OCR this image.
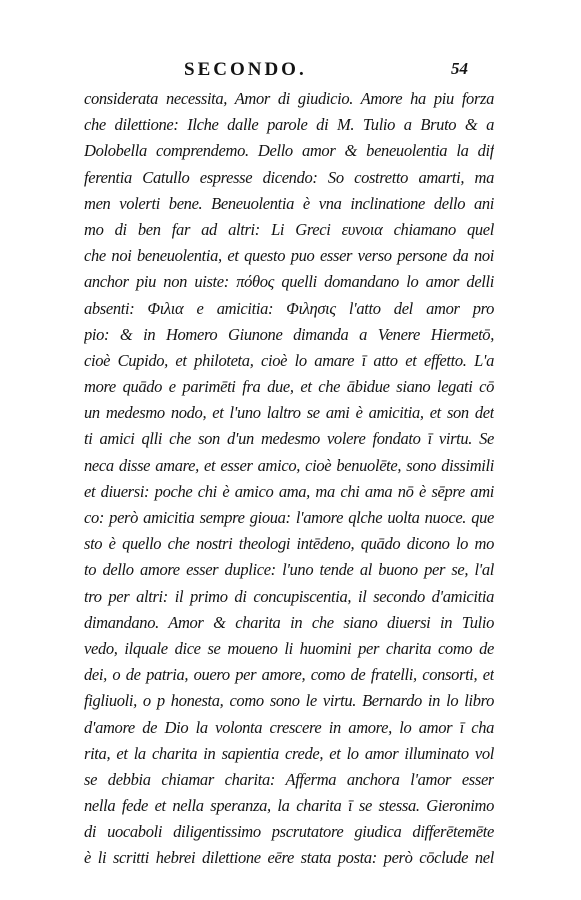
SECONDO.	54
considerata necessita, Amor di giudicio. Amore ha piu forza
che dilettione: Ilche dalle parole di M. Tulio a Bruto & a
Dolobella comprendemo. Dello amor & beneuolentia la dif
ferentia Catullo espresse dicendo: So costretto amarti, ma
men volerti bene. Beneuolentia è vna inclinatione dello ani
mo di ben far ad altri: Li Greci ευνοια chiamano quel
che noi beneuolentia, et questo puo esser verso persone da noi
anchor piu non uiste: πόθος quelli domandano lo amor delli
absenti: Φιλια e amicitia: Φιλησις l'atto del amor pro
pio: & in Homero Giunone dimanda a Venere Hiermetō,
cioè Cupido, et philoteta, cioè lo amare ī atto et effetto. L'a
more quādo e parimēti fra due, et che ābidue siano legati cō
un medesmo nodo, et l'uno laltro se ami è amicitia, et son det
ti amici qlli che son d'un medesmo volere fondato ī virtu. Se
neca disse amare, et esser amico, cioè benuolēte, sono dissimili
et diuersi: poche chi è amico ama, ma chi ama nō è sēpre ami
co: però amicitia sempre gioua: l'amore qlche uolta nuoce. que
sto è quello che nostri theologi intēdeno, quādo dicono lo mo
to dello amore esser duplice: l'uno tende al buono per se, l'al
tro per altri: il primo di concupiscentia, il secondo d'amicitia
dimandano. Amor & charita in che siano diuersi in Tulio
vedo, ilquale dice se moueno li huomini per charita como de
dei, o de patria, ouero per amore, como de fratelli, consorti, et
figliuoli, o p honesta, como sono le virtu. Bernardo in lo libro
d'amore de Dio la volonta crescere in amore, lo amor ī cha
rita, et la charita in sapientia crede, et lo amor illuminato vol
se debbia chiamar charita: Afferma anchora l'amor esser
nella fede et nella speranza, la charita ī se stessa. Gieronimo
di uocaboli diligentissimo pscrutatore giudica differētemēte
è li scritti hebrei dilettione eēre stata posta: però cōclude nel
